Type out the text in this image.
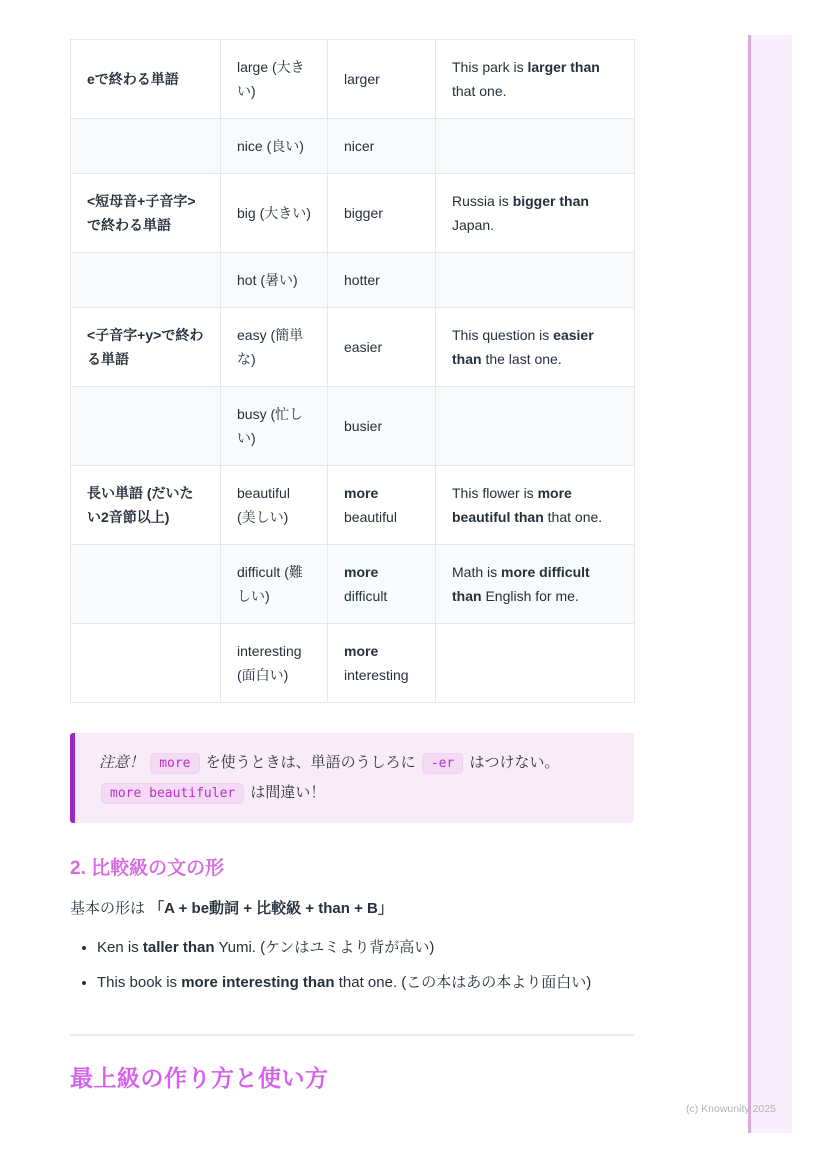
eで終わる単語	large (大きい)	larger	This park is larger than that one.
	nice (良い)	nicer	
<短母音+子音字>で終わる単語	big (大きい)	bigger	Russia is bigger than Japan.
	hot (暑い)	hotter	
<子音字+y>で終わる単語	easy (簡単な)	easier	This question is easier than the last one.
	busy (忙しい)	busier	
長い単語 (だいたい2音節以上)	beautiful (美しい)	more beautiful	This flower is more beautiful than that one.
	difficult (難しい)	more difficult	Math is more difficult than English for me.
	interesting (面白い)	more interesting	

注意！ more を使うときは、単語のうしろに -er はつけない。 more beautifuler は間違い！

2. 比較級の文の形

基本の形は 「A + be動詞 + 比較級 + than + B」

• Ken is taller than Yumi. (ケンはユミより背が高い)
• This book is more interesting than that one. (この本はあの本より面白い)
最上級の作り方と使い方
(c) Knowunity 2025
